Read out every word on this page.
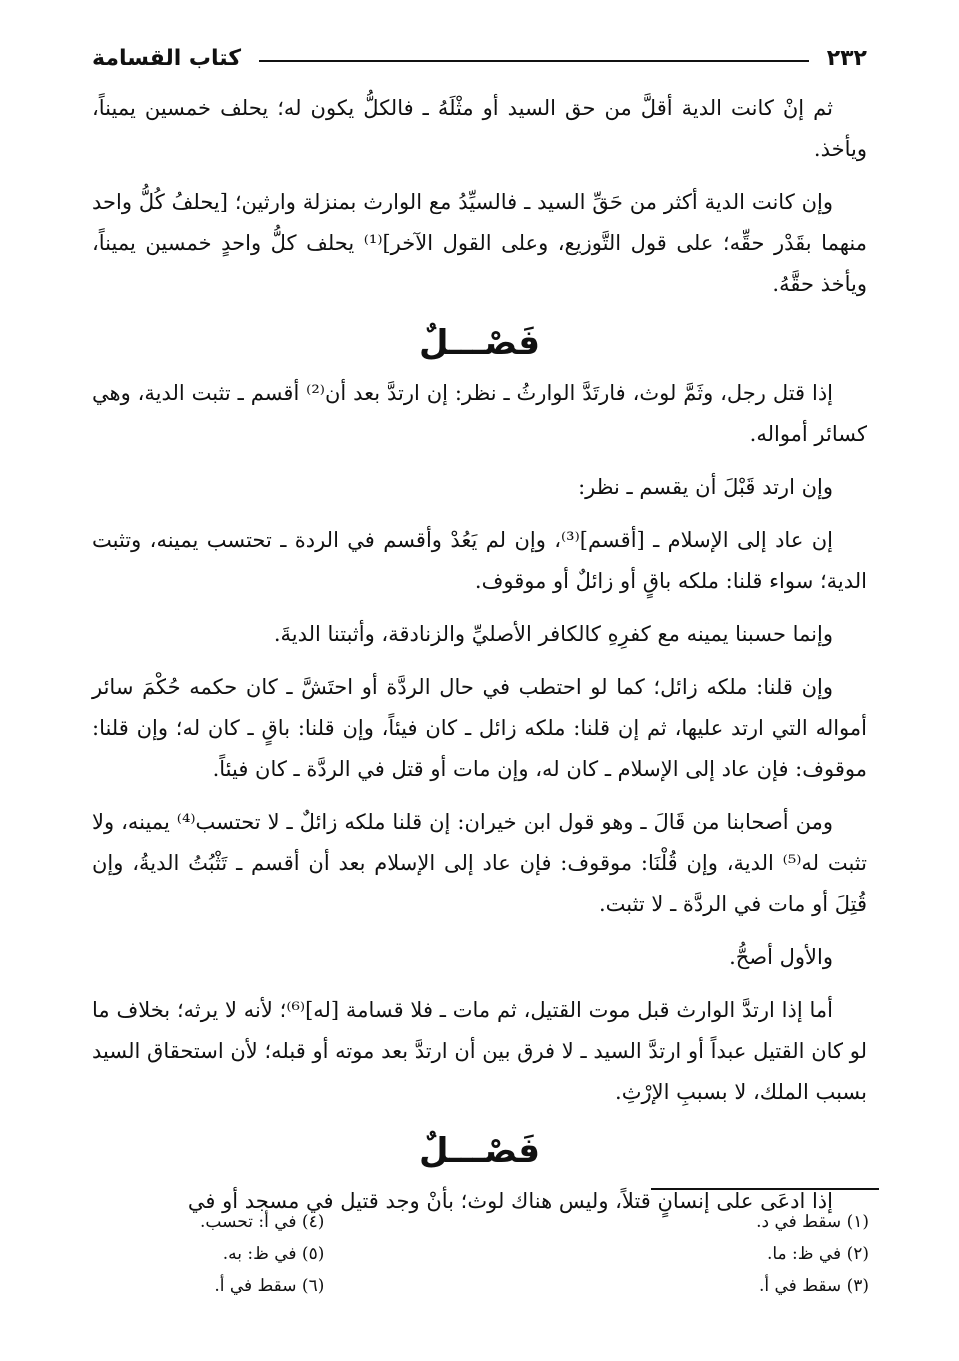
٢٣٢
كتاب القسامة

ثم إنْ كانت الدية أقلَّ من حق السيد أو مثْلَهُ ـ فالكلُّ يكون له؛ يحلف خمسين يميناً، ويأخذ.

وإن كانت الدية أكثر من حَقِّ السيد ـ فالسيِّدُ مع الوارث بمنزلة وارثين؛ [يحلفُ كُلُّ واحد منهما بقَدْر حقِّه؛ على قول التَّوزيع، وعلى القول الآخر]⁽¹⁾ يحلف كلُّ واحدٍ خمسين يميناً، ويأخذ حقَّهُ.

فَصْـــلٌ

إذا قتل رجل، وثَمَّ لوث، فارتَدَّ الوارثُ ـ نظر: إن ارتدَّ بعد أن⁽²⁾ أقسم ـ تثبت الدية، وهي كسائر أمواله.

وإن ارتد قَبْلَ أن يقسم ـ نظر:

إن عاد إلى الإسلام ـ [أقسم]⁽³⁾، وإن لم يَعُدْ وأقسم في الردة ـ تحتسب يمينه، وتثبت الدية؛ سواء قلنا: ملكه باقٍ أو زائلٌ أو موقوف.

وإنما حسبنا يمينه مع كفرِهِ كالكافر الأصليِّ والزنادقة، وأثبتنا الديةَ.

وإن قلنا: ملكه زائل؛ كما لو احتطب في حال الردَّة أو احتَشَّ ـ كان حكمه حُكْمَ سائر أمواله التي ارتد عليها، ثم إن قلنا: ملكه زائل ـ كان فيئاً، وإن قلنا: باقٍ ـ كان له؛ وإن قلنا: موقوف: فإن عاد إلى الإسلام ـ كان له، وإن مات أو قتل في الردَّة ـ كان فيئاً.

ومن أصحابنا من قَالَ ـ وهو قول ابن خيران: إن قلنا ملكه زائلٌ ـ لا تحتسب⁽⁴⁾ يمينه، ولا تثبت له⁽⁵⁾ الدية، وإن قُلْنَا: موقوف: فإن عاد إلى الإسلام بعد أن أقسم ـ تَثْبُتُ الديةُ، وإن قُتِلَ أو مات في الردَّة ـ لا تثبت.

والأول أصحُّ.

أما إذا ارتدَّ الوارث قبل موت القتيل، ثم مات ـ فلا قسامة [له]⁽⁶⁾؛ لأنه لا يرثه؛ بخلاف ما لو كان القتيل عبداً أو ارتدَّ السيد ـ لا فرق بين أن ارتدَّ بعد موته أو قبله؛ لأن استحقاق السيد بسبب الملك، لا بسببِ الإرْثِ.

فَصْـــلٌ

إذا ادعَى على إنسانٍ قتلاً، وليس هناك لوث؛ بأنْ وجد قتيل في مسجد أو في

(١) سقط في د.
(٢) في ظ: ما.
(٣) سقط في أ.
(٤) في أ: تحسب.
(٥) في ظ: به.
(٦) سقط في أ.
